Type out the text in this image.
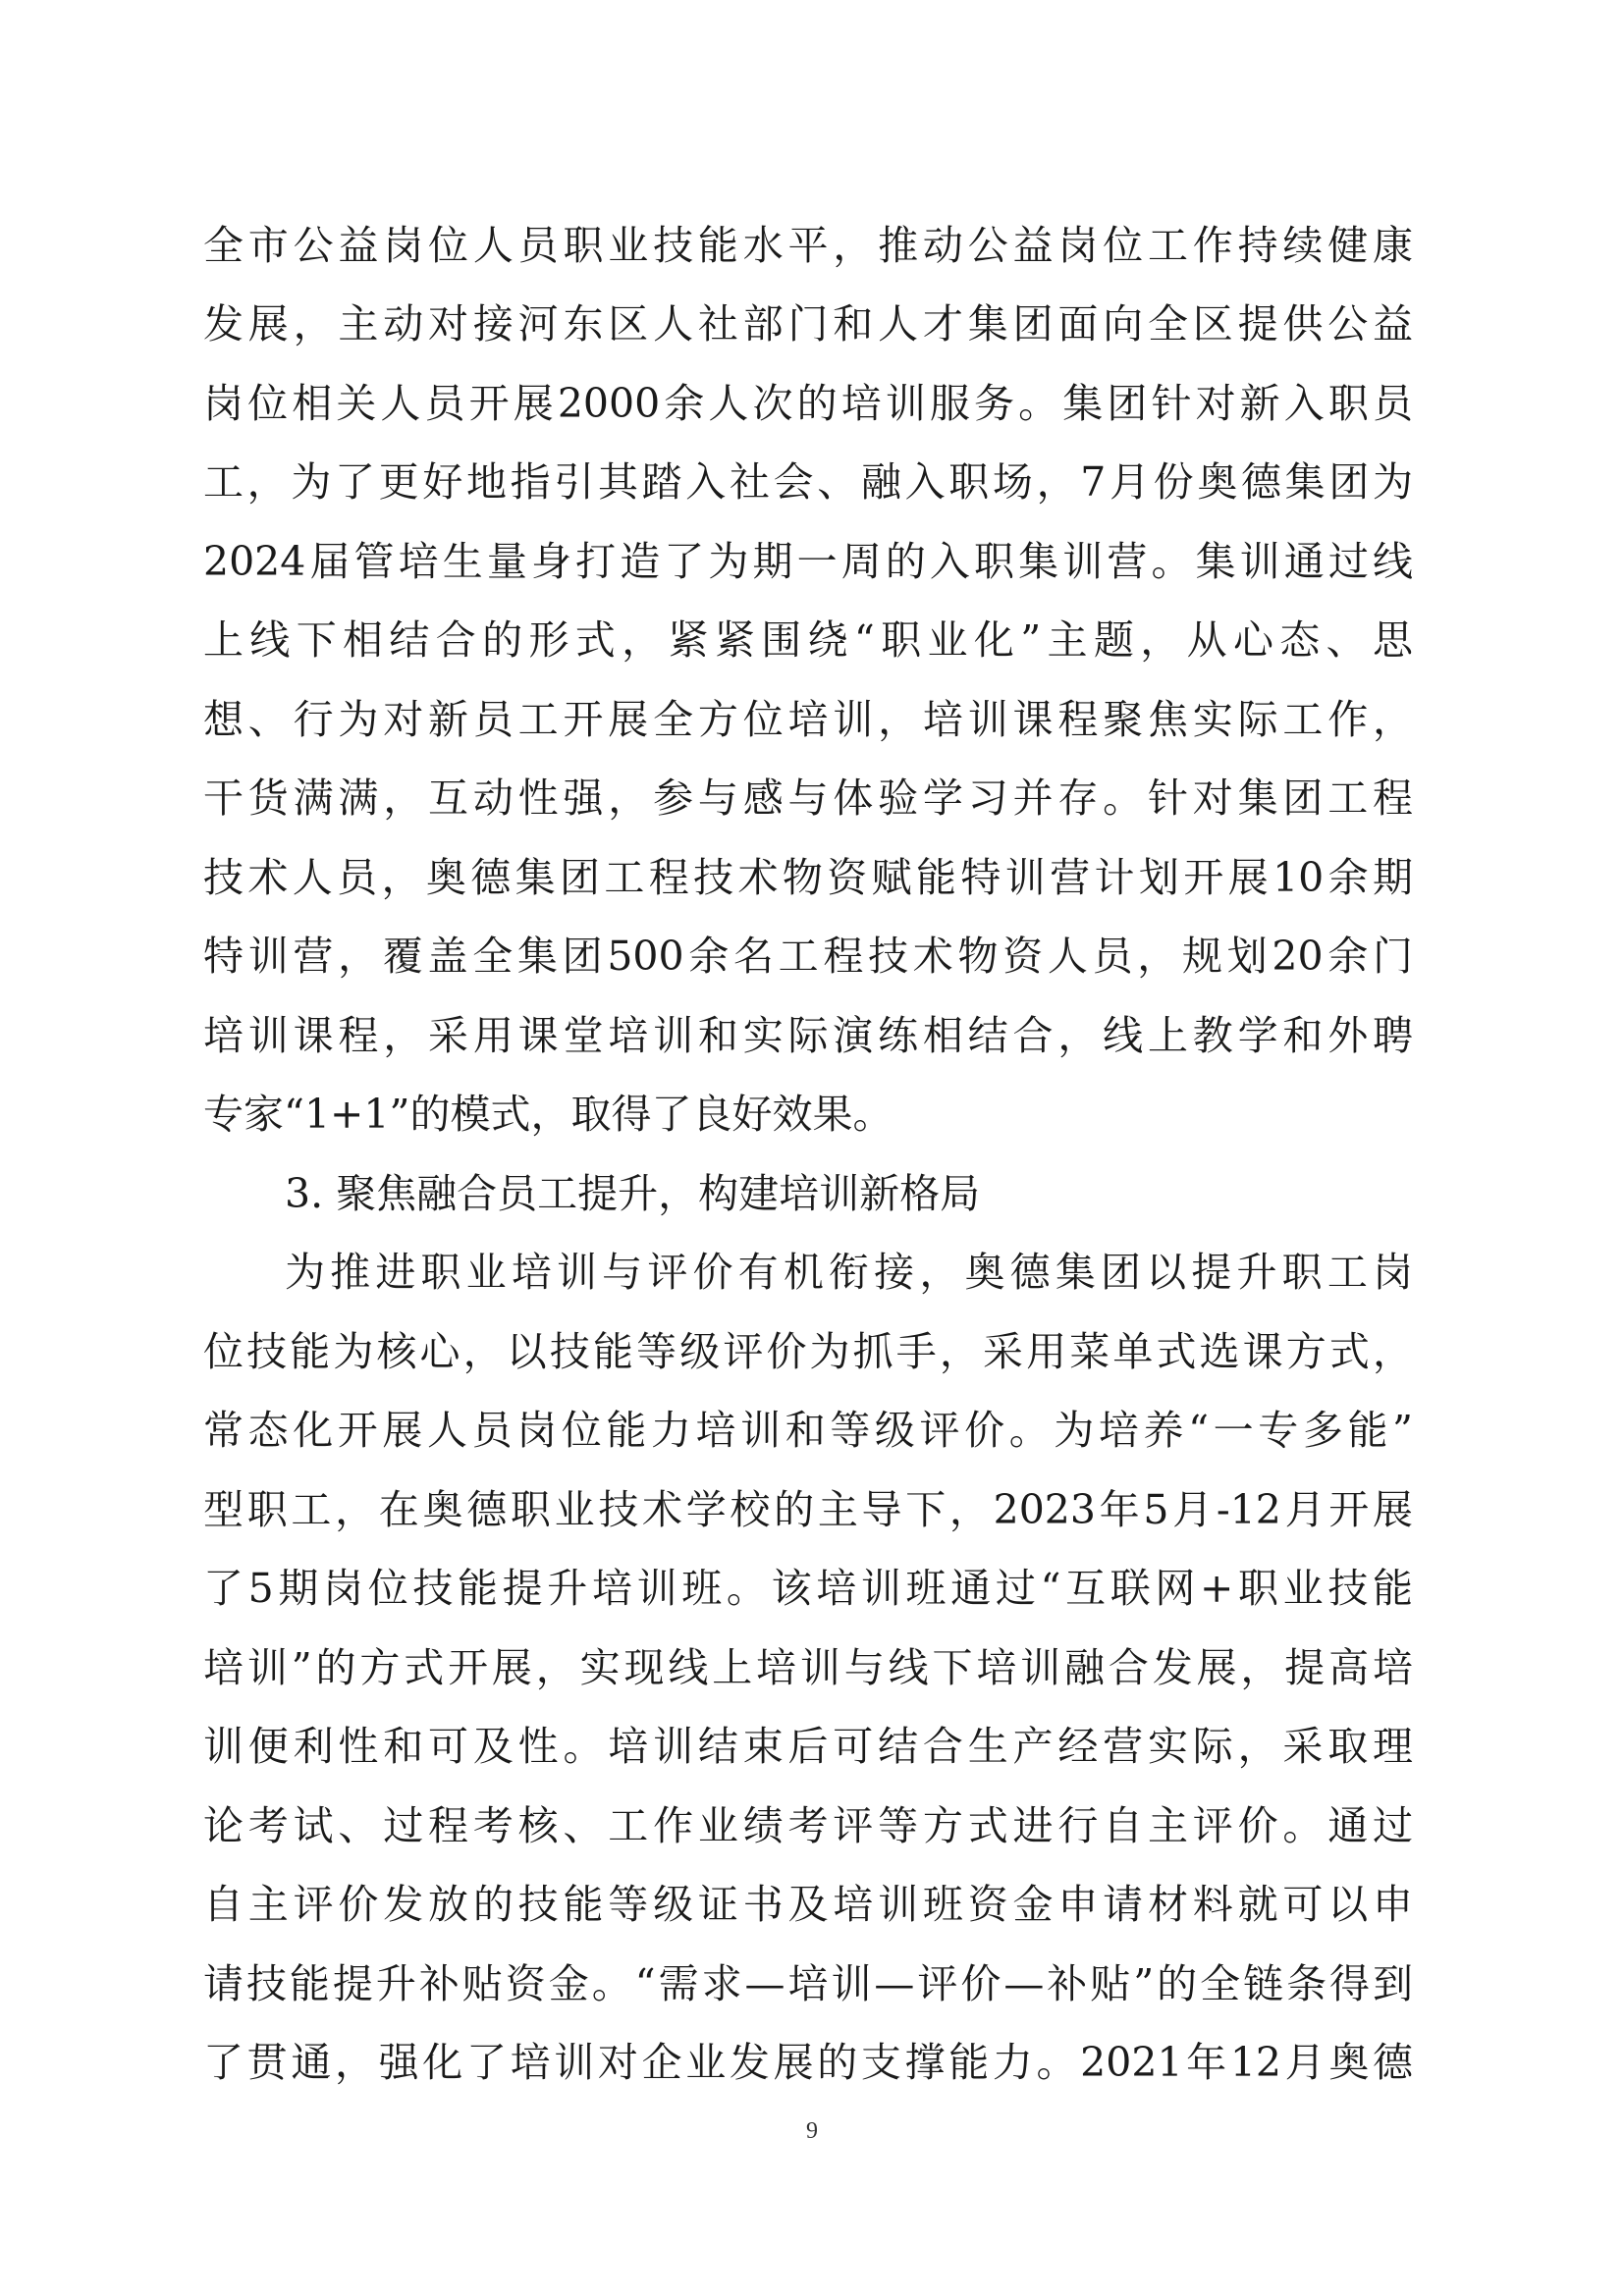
全市公益岗位人员职业技能水平，推动公益岗位工作持续健康
发展，主动对接河东区人社部门和人才集团面向全区提供公益
岗位相关人员开展2000余人次的培训服务。集团针对新入职员
工，为了更好地指引其踏入社会、融入职场，7月份奥德集团为
2024届管培生量身打造了为期一周的入职集训营。集训通过线
上线下相结合的形式，紧紧围绕“职业化”主题，从心态、思
想、行为对新员工开展全方位培训，培训课程聚焦实际工作，
干货满满，互动性强，参与感与体验学习并存。针对集团工程
技术人员，奥德集团工程技术物资赋能特训营计划开展10余期
特训营，覆盖全集团500余名工程技术物资人员，规划20余门
培训课程，采用课堂培训和实际演练相结合，线上教学和外聘
专家“1+1”的模式，取得了良好效果。
3. 聚焦融合员工提升，构建培训新格局
为推进职业培训与评价有机衔接，奥德集团以提升职工岗
位技能为核心，以技能等级评价为抓手，采用菜单式选课方式，
常态化开展人员岗位能力培训和等级评价。为培养“一专多能”
型职工，在奥德职业技术学校的主导下，2023年5月-12月开展
了5期岗位技能提升培训班。该培训班通过“互联网+职业技能
培训”的方式开展，实现线上培训与线下培训融合发展，提高培
训便利性和可及性。培训结束后可结合生产经营实际，采取理
论考试、过程考核、工作业绩考评等方式进行自主评价。通过
自主评价发放的技能等级证书及培训班资金申请材料就可以申
请技能提升补贴资金。“需求—培训—评价—补贴”的全链条得到
了贯通，强化了培训对企业发展的支撑能力。2021年12月奥德
9
